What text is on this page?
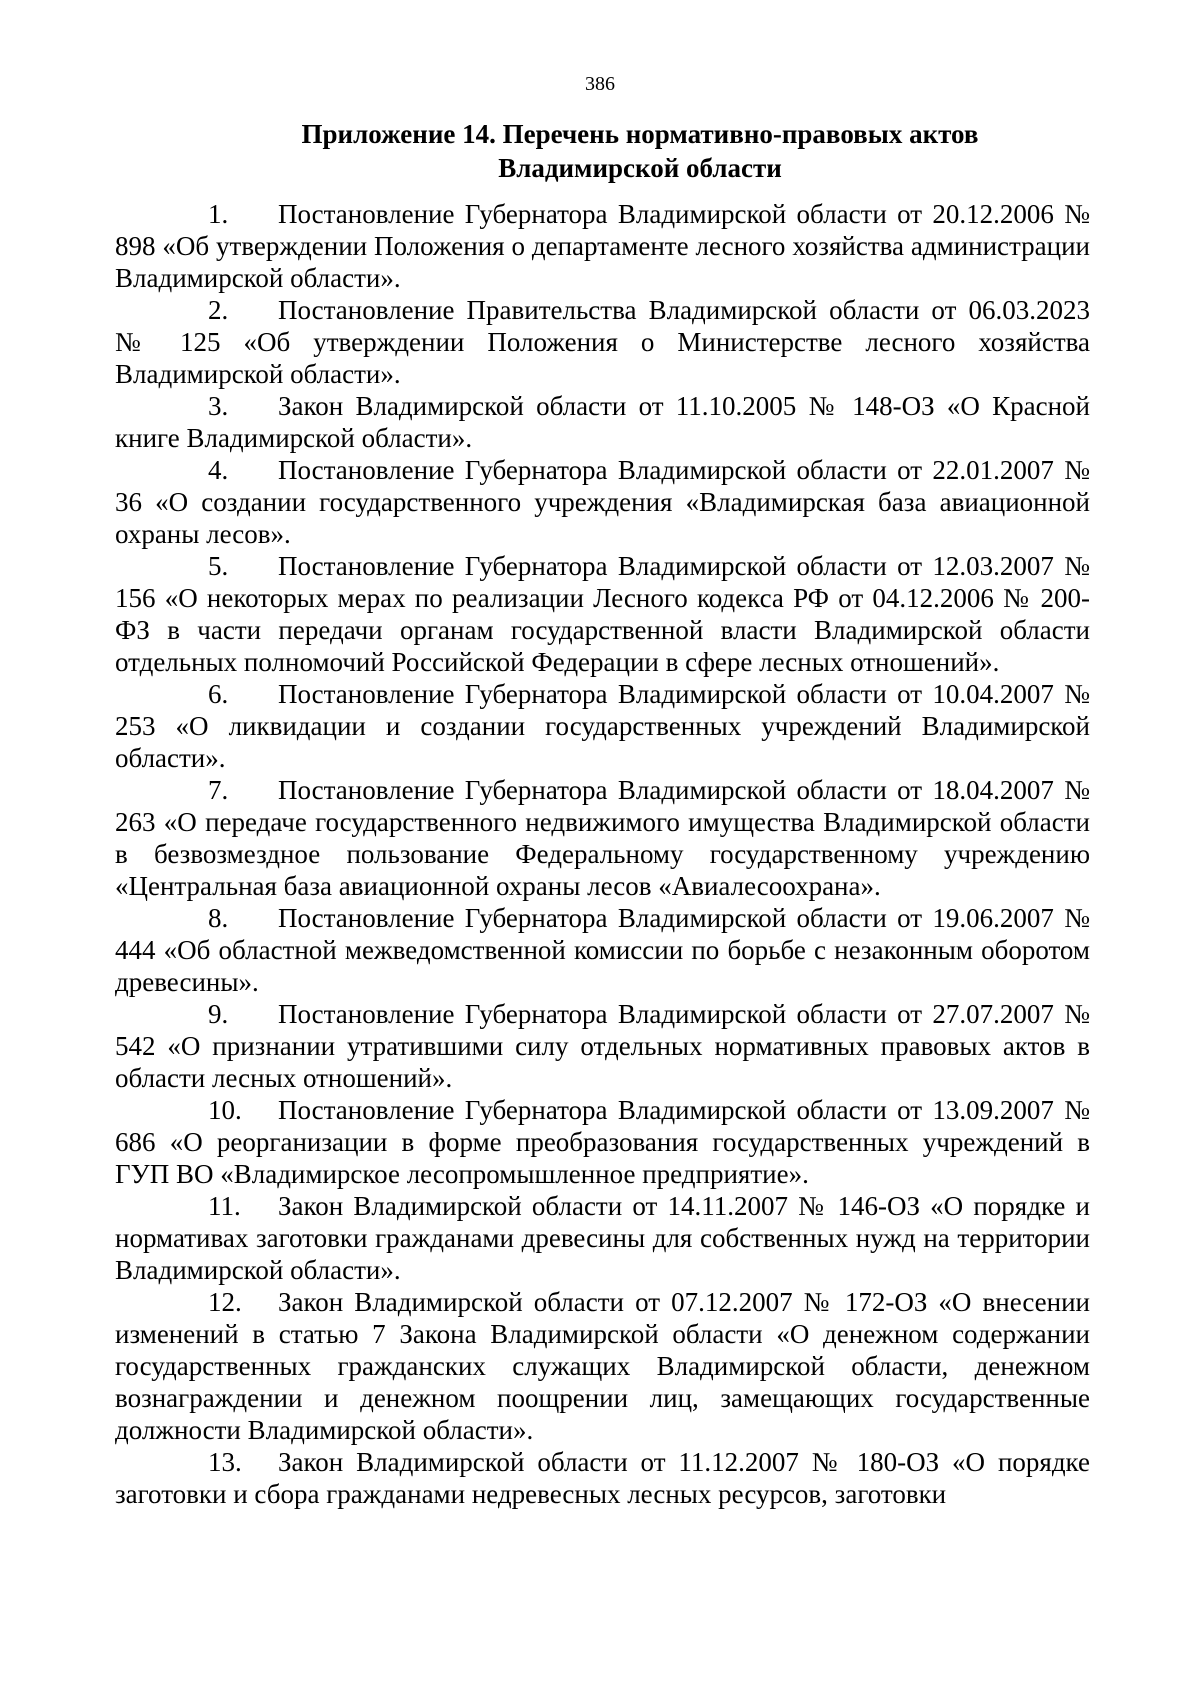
386
Приложение 14. Перечень нормативно-правовых актов
Владимирской области

1. Постановление Губернатора Владимирской области от 20.12.2006 № 898 «Об утверждении Положения о департаменте лесного хозяйства администрации Владимирской области».

2. Постановление Правительства Владимирской области от 06.03.2023 № 125 «Об утверждении Положения о Министерстве лесного хозяйства Владимирской области».

3. Закон Владимирской области от 11.10.2005 № 148-ОЗ «О Красной книге Владимирской области».

4. Постановление Губернатора Владимирской области от 22.01.2007 № 36 «О создании государственного учреждения «Владимирская база авиационной охраны лесов».

5. Постановление Губернатора Владимирской области от 12.03.2007 № 156 «О некоторых мерах по реализации Лесного кодекса РФ от 04.12.2006 № 200-ФЗ в части передачи органам государственной власти Владимирской области отдельных полномочий Российской Федерации в сфере лесных отношений».

6. Постановление Губернатора Владимирской области от 10.04.2007 № 253 «О ликвидации и создании государственных учреждений Владимирской области».

7. Постановление Губернатора Владимирской области от 18.04.2007 № 263 «О передаче государственного недвижимого имущества Владимирской области в безвозмездное пользование Федеральному государственному учреждению «Центральная база авиационной охраны лесов «Авиалесоохрана».

8. Постановление Губернатора Владимирской области от 19.06.2007 № 444 «Об областной межведомственной комиссии по борьбе с незаконным оборотом древесины».

9. Постановление Губернатора Владимирской области от 27.07.2007 № 542 «О признании утратившими силу отдельных нормативных правовых актов в области лесных отношений».

10. Постановление Губернатора Владимирской области от 13.09.2007 № 686 «О реорганизации в форме преобразования государственных учреждений в ГУП ВО «Владимирское лесопромышленное предприятие».

11. Закон Владимирской области от 14.11.2007 № 146-ОЗ «О порядке и нормативах заготовки гражданами древесины для собственных нужд на территории Владимирской области».

12. Закон Владимирской области от 07.12.2007 № 172-ОЗ «О внесении изменений в статью 7 Закона Владимирской области «О денежном содержании государственных гражданских служащих Владимирской области, денежном вознаграждении и денежном поощрении лиц, замещающих государственные должности Владимирской области».

13. Закон Владимирской области от 11.12.2007 № 180-ОЗ «О порядке заготовки и сбора гражданами недревесных лесных ресурсов, заготовки
